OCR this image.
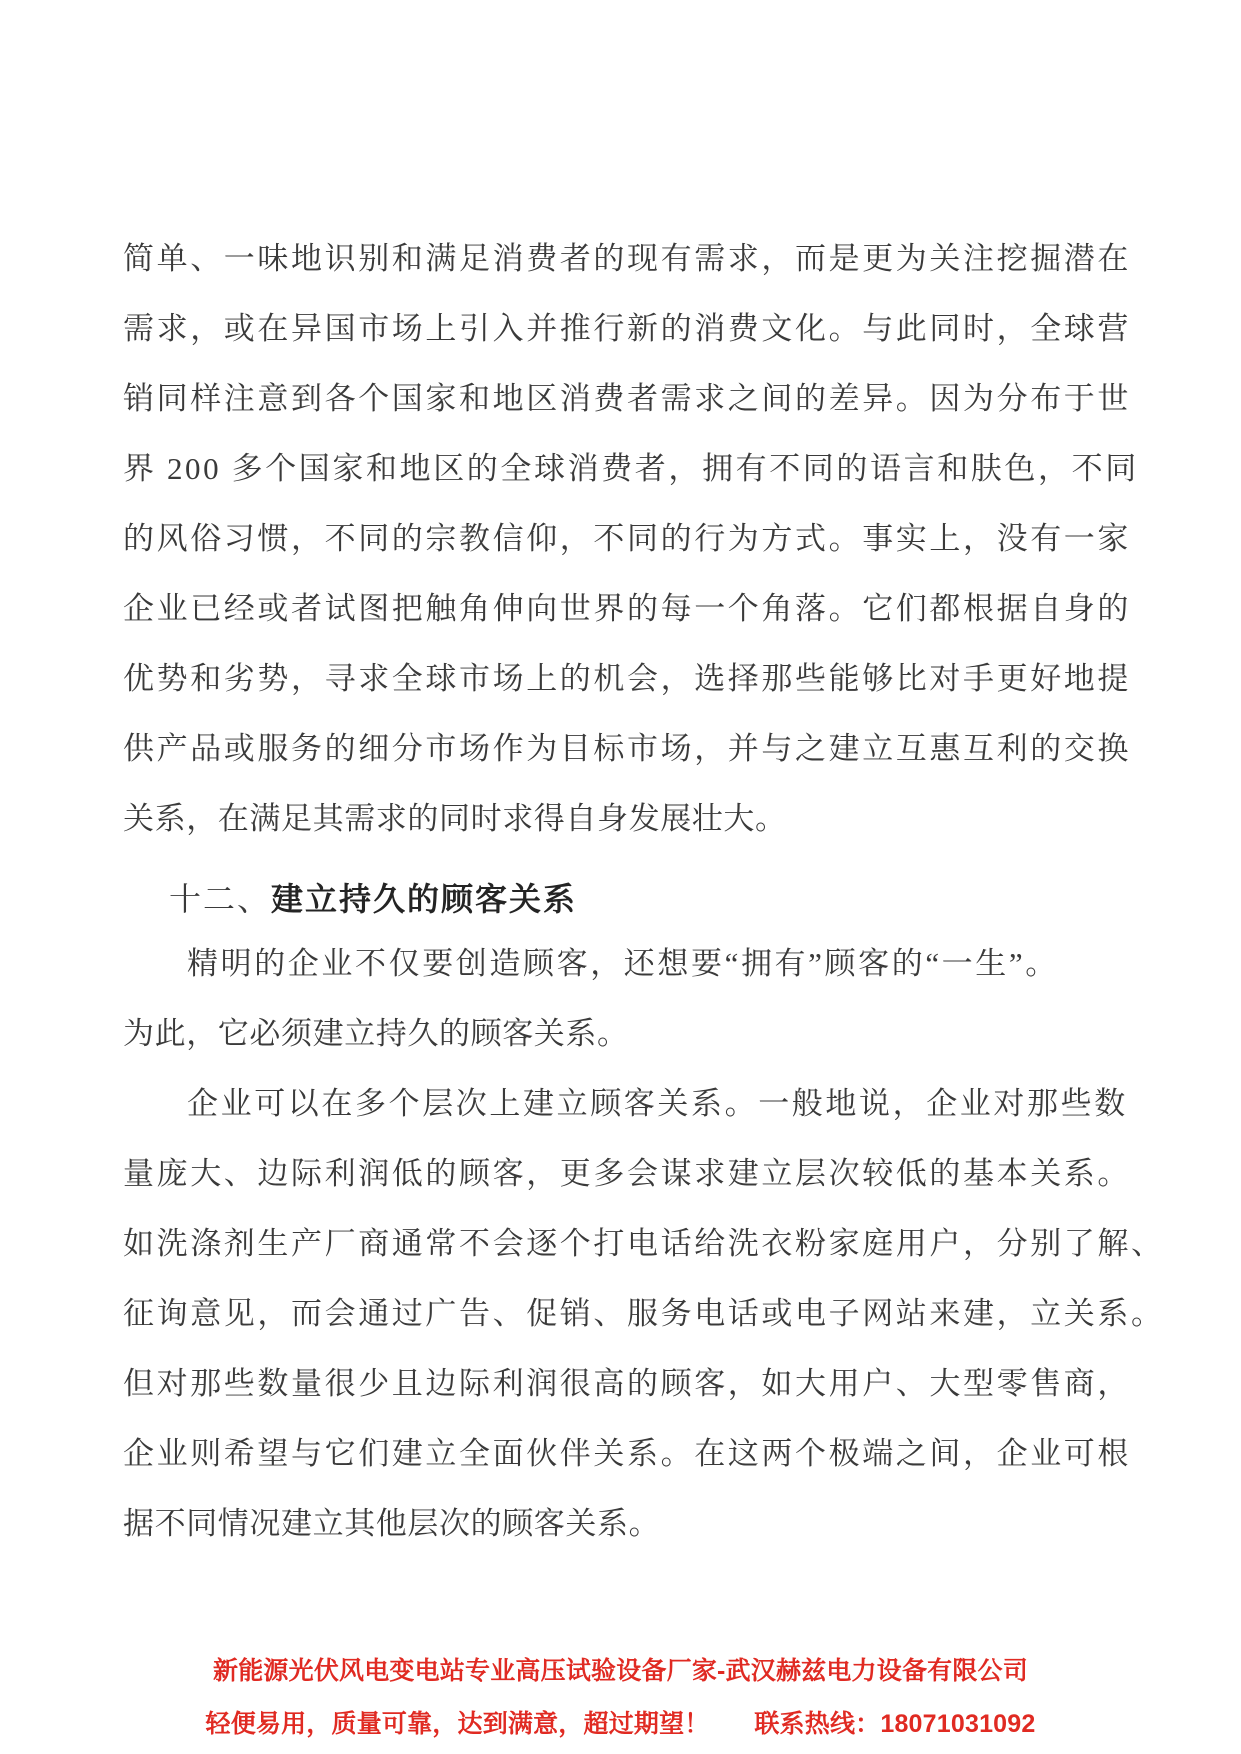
简单、一味地识别和满足消费者的现有需求，而是更为关注挖掘潜在
需求，或在异国市场上引入并推行新的消费文化。与此同时，全球营
销同样注意到各个国家和地区消费者需求之间的差异。因为分布于世
界 200 多个国家和地区的全球消费者，拥有不同的语言和肤色，不同
的风俗习惯，不同的宗教信仰，不同的行为方式。事实上，没有一家
企业已经或者试图把触角伸向世界的每一个角落。它们都根据自身的
优势和劣势，寻求全球市场上的机会，选择那些能够比对手更好地提
供产品或服务的细分市场作为目标市场，并与之建立互惠互利的交换
关系，在满足其需求的同时求得自身发展壮大。
十二、建立持久的顾客关系
精明的企业不仅要创造顾客，还想要“拥有”顾客的“一生”。
为此，它必须建立持久的顾客关系。
企业可以在多个层次上建立顾客关系。一般地说，企业对那些数
量庞大、边际利润低的顾客，更多会谋求建立层次较低的基本关系。
如洗涤剂生产厂商通常不会逐个打电话给洗衣粉家庭用户，分别了解、
征询意见，而会通过广告、促销、服务电话或电子网站来建，立关系。
但对那些数量很少且边际利润很高的顾客，如大用户、大型零售商，
企业则希望与它们建立全面伙伴关系。在这两个极端之间，企业可根
据不同情况建立其他层次的顾客关系。
新能源光伏风电变电站专业高压试验设备厂家-武汉赫兹电力设备有限公司
轻便易用，质量可靠，达到满意，超过期望！ 联系热线：18071031092
